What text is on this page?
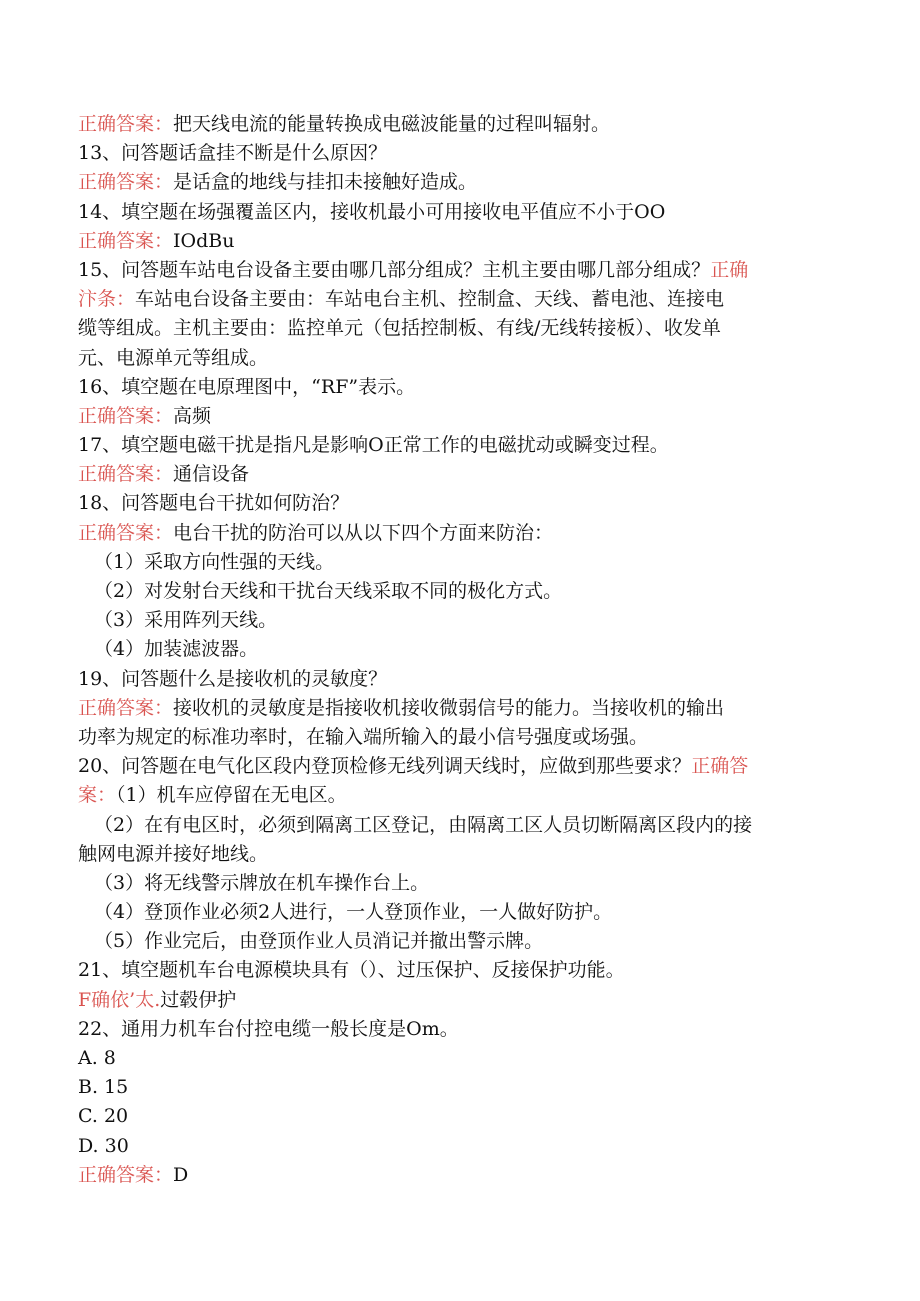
正确答案：把天线电流的能量转换成电磁波能量的过程叫辐射。
13、问答题话盒挂不断是什么原因？
正确答案：是话盒的地线与挂扣未接触好造成。
14、填空题在场强覆盖区内，接收机最小可用接收电平值应不小于OO
正确答案：IOdBu
15、问答题车站电台设备主要由哪几部分组成？主机主要由哪几部分组成？正确
汴条：车站电台设备主要由：车站电台主机、控制盒、天线、蓄电池、连接电
缆等组成。主机主要由：监控单元（包括控制板、有线/无线转接板）、收发单
元、电源单元等组成。
16、填空题在电原理图中，“RF”表示。
正确答案：高频
17、填空题电磁干扰是指凡是影响O正常工作的电磁扰动或瞬变过程。
正确答案：通信设备
18、问答题电台干扰如何防治？
正确答案：电台干扰的防治可以从以下四个方面来防治：
（1）采取方向性强的天线。
（2）对发射台天线和干扰台天线采取不同的极化方式。
（3）采用阵列天线。
（4）加装滤波器。
19、问答题什么是接收机的灵敏度？
正确答案：接收机的灵敏度是指接收机接收微弱信号的能力。当接收机的输出
功率为规定的标准功率时，在输入端所输入的最小信号强度或场强。
20、问答题在电气化区段内登顶检修无线列调天线时，应做到那些要求？正确答
案：（1）机车应停留在无电区。
（2）在有电区时，必须到隔离工区登记，由隔离工区人员切断隔离区段内的接
触网电源并接好地线。
（3）将无线警示牌放在机车操作台上。
（4）登顶作业必须2人进行，一人登顶作业，一人做好防护。
（5）作业完后，由登顶作业人员消记并撤出警示牌。
21、填空题机车台电源模块具有（）、过压保护、反接保护功能。
F确依’太.过毂伊护
22、通用力机车台付控电缆一般长度是Om｡
A. 8
B. 15
C. 20
D. 30
正确答案：D
